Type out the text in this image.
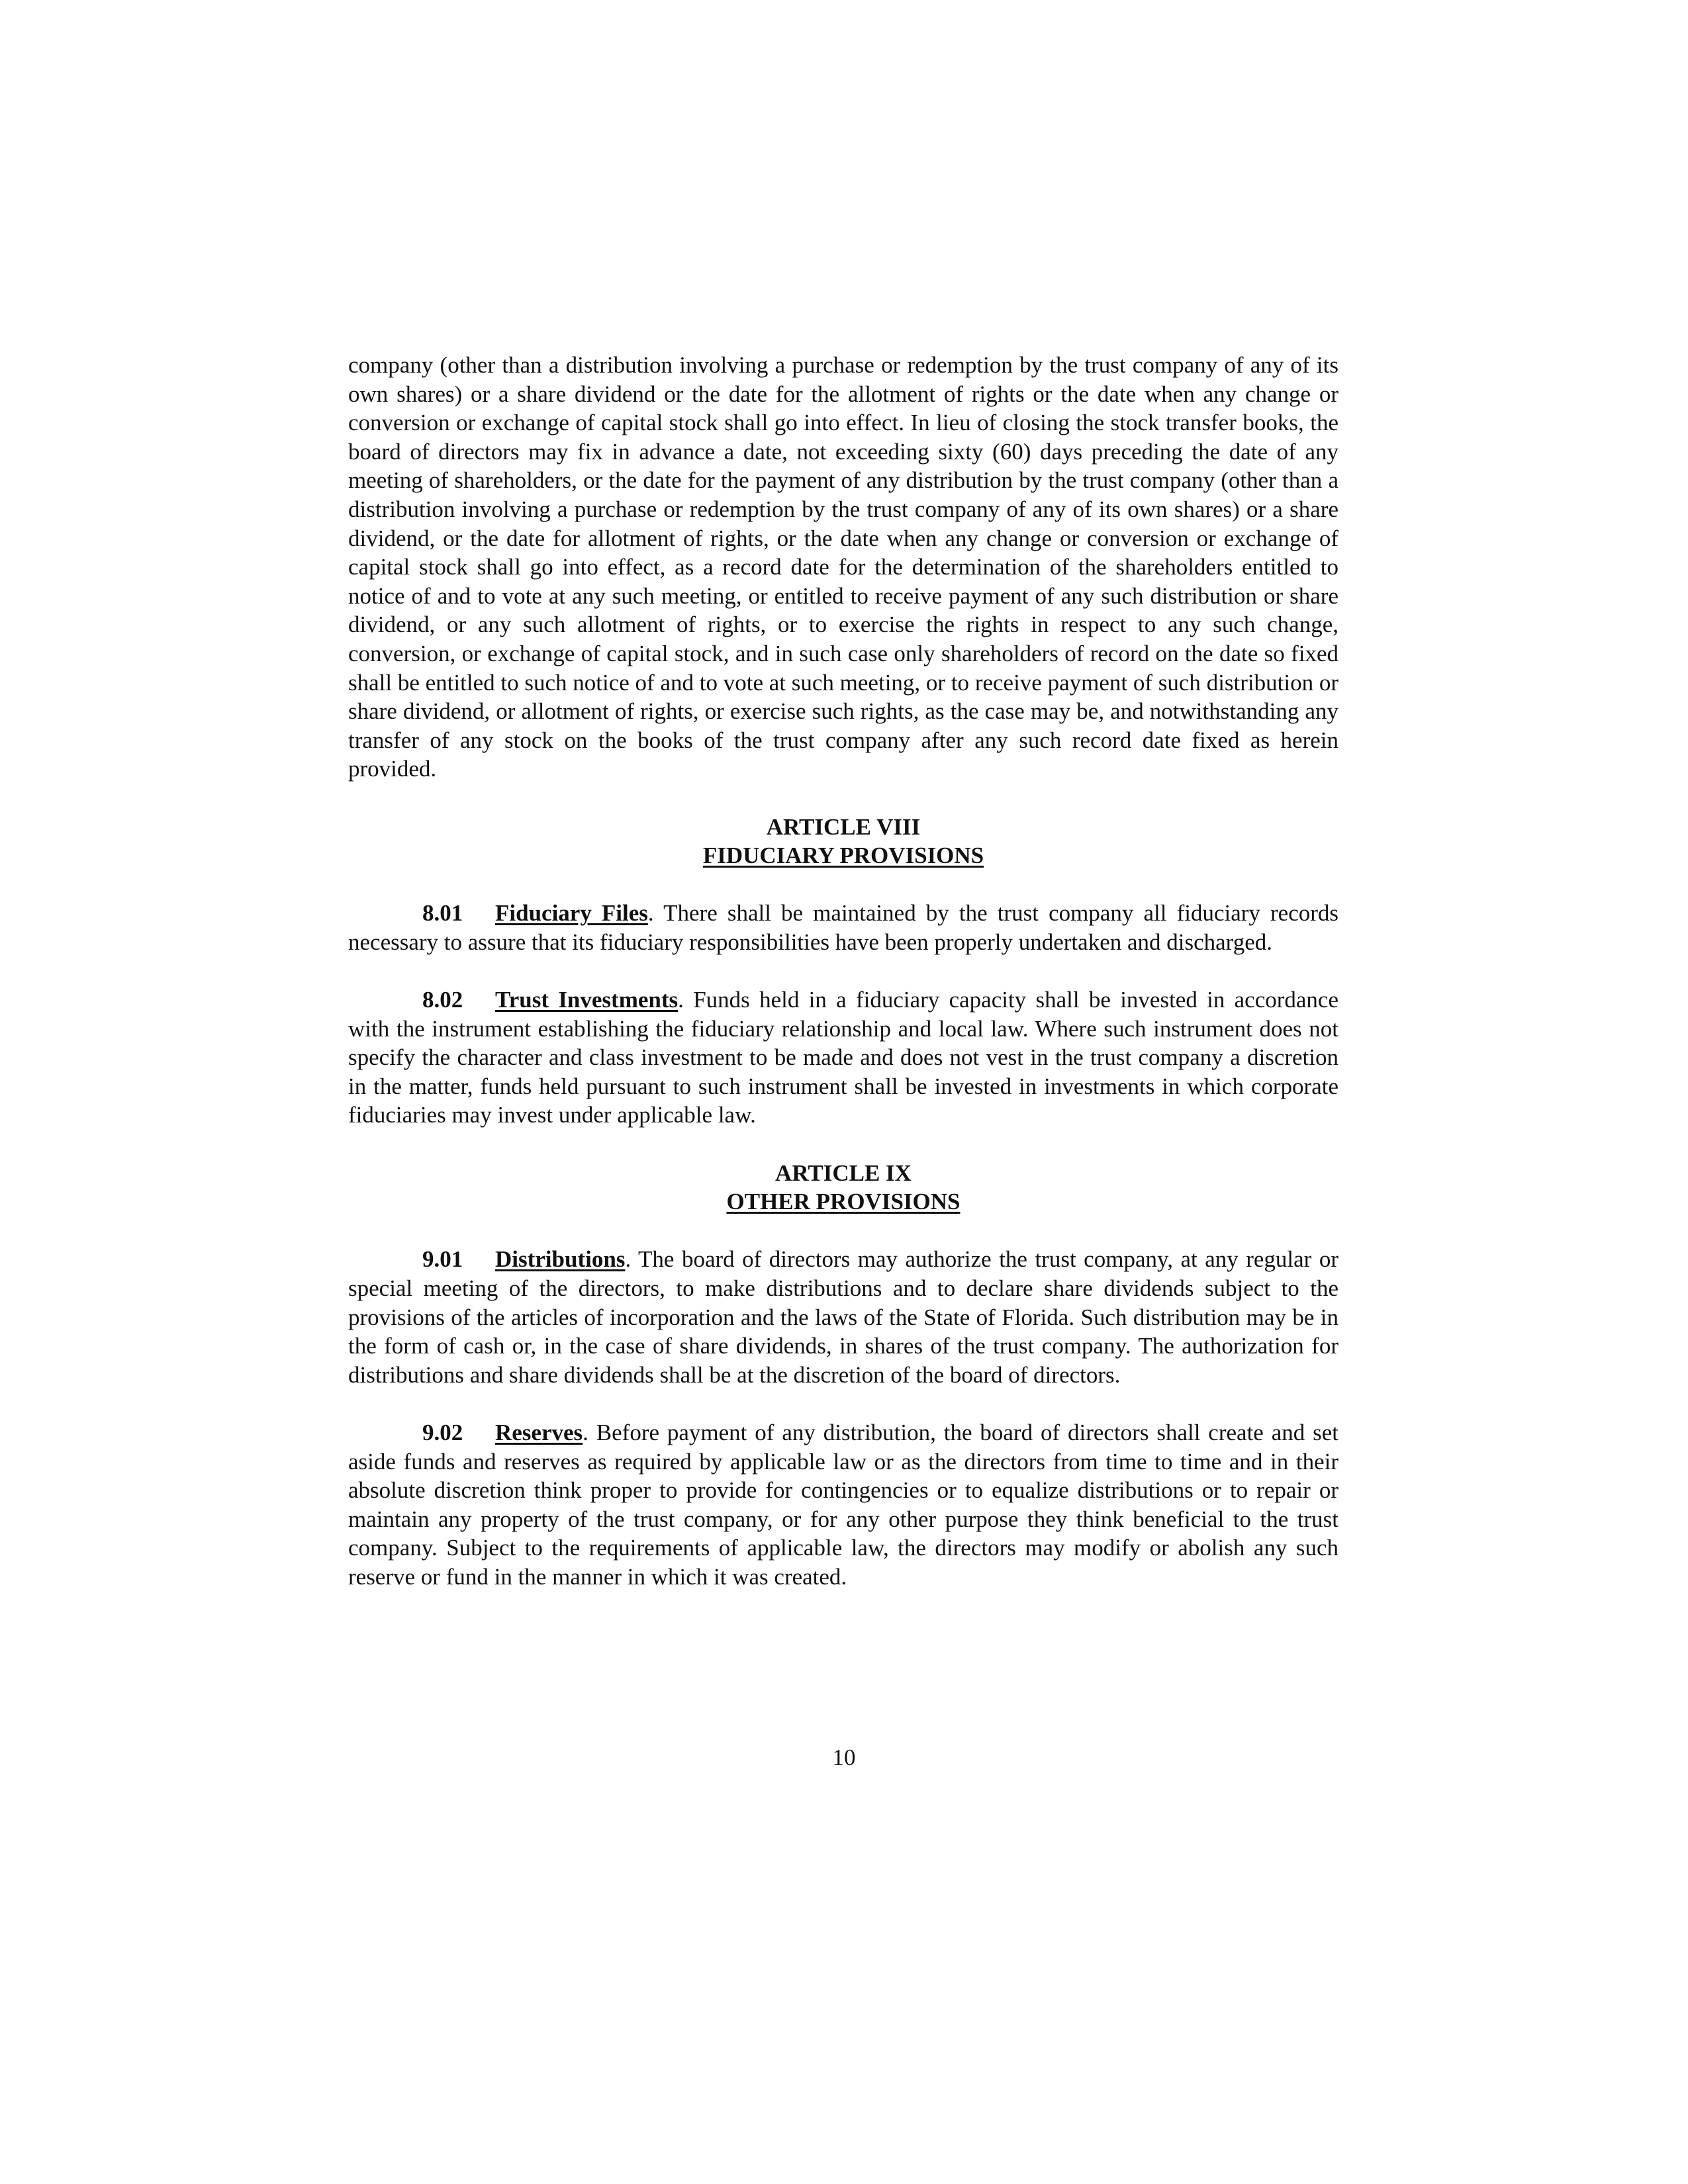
company (other than a distribution involving a purchase or redemption by the trust company of any of its own shares) or a share dividend or the date for the allotment of rights or the date when any change or conversion or exchange of capital stock shall go into effect. In lieu of closing the stock transfer books, the board of directors may fix in advance a date, not exceeding sixty (60) days preceding the date of any meeting of shareholders, or the date for the payment of any distribution by the trust company (other than a distribution involving a purchase or redemption by the trust company of any of its own shares) or a share dividend, or the date for allotment of rights, or the date when any change or conversion or exchange of capital stock shall go into effect, as a record date for the determination of the shareholders entitled to notice of and to vote at any such meeting, or entitled to receive payment of any such distribution or share dividend, or any such allotment of rights, or to exercise the rights in respect to any such change, conversion, or exchange of capital stock, and in such case only shareholders of record on the date so fixed shall be entitled to such notice of and to vote at such meeting, or to receive payment of such distribution or share dividend, or allotment of rights, or exercise such rights, as the case may be, and notwithstanding any transfer of any stock on the books of the trust company after any such record date fixed as herein provided.

ARTICLE VIII
FIDUCIARY PROVISIONS

8.01 Fiduciary Files. There shall be maintained by the trust company all fiduciary records necessary to assure that its fiduciary responsibilities have been properly undertaken and discharged.

8.02 Trust Investments. Funds held in a fiduciary capacity shall be invested in accordance with the instrument establishing the fiduciary relationship and local law. Where such instrument does not specify the character and class investment to be made and does not vest in the trust company a discretion in the matter, funds held pursuant to such instrument shall be invested in investments in which corporate fiduciaries may invest under applicable law.

ARTICLE IX
OTHER PROVISIONS

9.01 Distributions. The board of directors may authorize the trust company, at any regular or special meeting of the directors, to make distributions and to declare share dividends subject to the provisions of the articles of incorporation and the laws of the State of Florida. Such distribution may be in the form of cash or, in the case of share dividends, in shares of the trust company. The authorization for distributions and share dividends shall be at the discretion of the board of directors.

9.02 Reserves. Before payment of any distribution, the board of directors shall create and set aside funds and reserves as required by applicable law or as the directors from time to time and in their absolute discretion think proper to provide for contingencies or to equalize distributions or to repair or maintain any property of the trust company, or for any other purpose they think beneficial to the trust company. Subject to the requirements of applicable law, the directors may modify or abolish any such reserve or fund in the manner in which it was created.

10
